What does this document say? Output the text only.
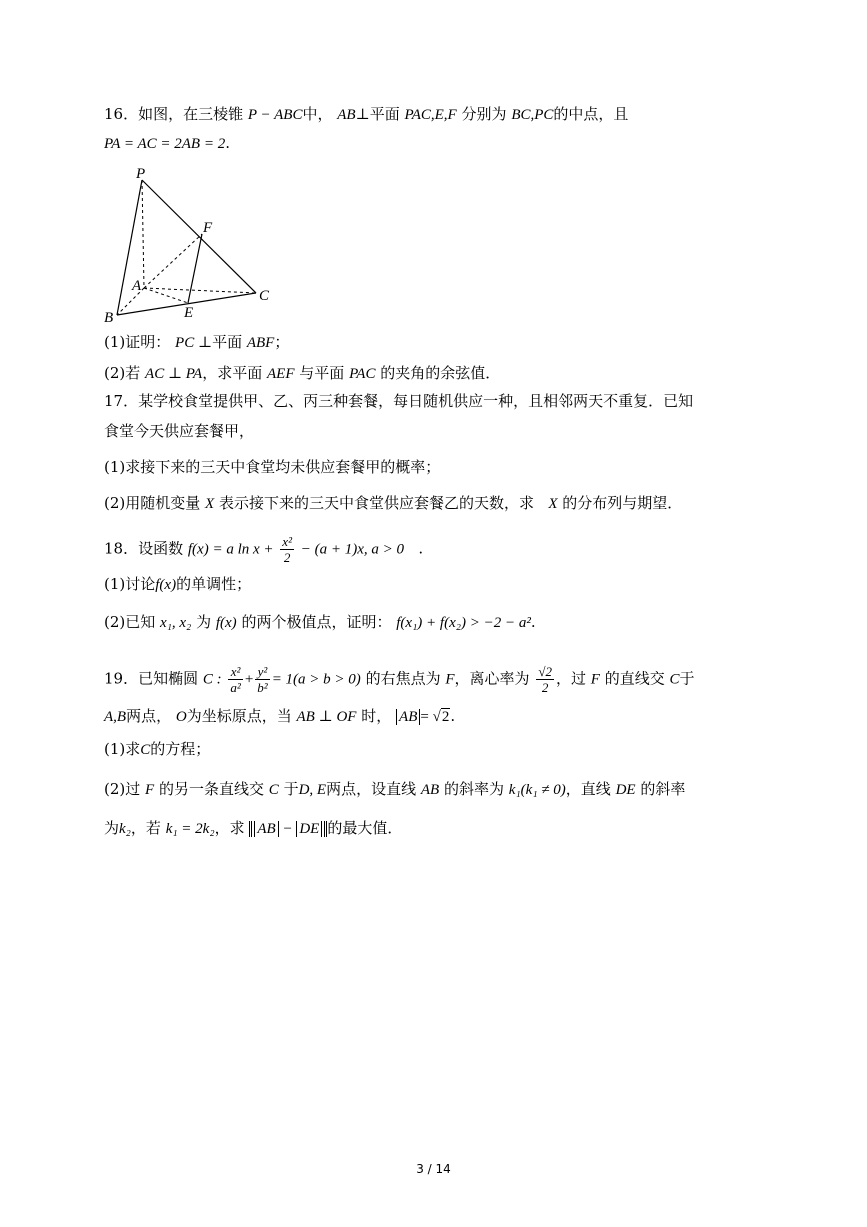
16．如图，在三棱锥 P − ABC中， AB⊥平面 PAC,E,F 分别为 BC,PC的中点，且
PA = AC = 2AB = 2.
P
F
A
C
B	E
(1)证明： PC ⊥平面 ABF；
(2)若 AC ⊥ PA，求平面 AEF 与平面 PAC 的夹角的余弦值．
17．某学校食堂提供甲、乙、丙三种套餐，每日随机供应一种，且相邻两天不重复．已知
食堂今天供应套餐甲，
(1)求接下来的三天中食堂均未供应套餐甲的概率；
(2)用随机变量 X 表示接下来的三天中食堂供应套餐乙的天数，求 X 的分布列与期望．
18．设函数 f(x) = a $\ln x + \frac{\text{x²}}{2} - (a + 1)x$, a > 0 .
(1)讨论f(x)的单调性；
(2)已知 x₁, x₂ 为 f(x) 的两个极值点，证明： f(x₁) + f(x₂) > −2 − a².
19．已知椭圆 C : $\frac{\text{x²}}{\text{a²}} + \frac{\text{y²}}{\text{b²}} = 1(a > b > 0)$ 的右焦点为 F，离心率为 $\frac{√2}{2}$ ，过 F 的直线交 C于
A,B两点， O为坐标原点，当 AB ⊥ OF 时， AB = √2.
(1)求C的方程；
(2)过 F 的另一条直线交 C 于D, E两点，设直线 AB 的斜率为 k₁(k₁ ≠ 0)，直线 DE 的斜率
为k₂，若 k₁ = 2k₂，求 AB − DE 的最大值．
3 / 14
